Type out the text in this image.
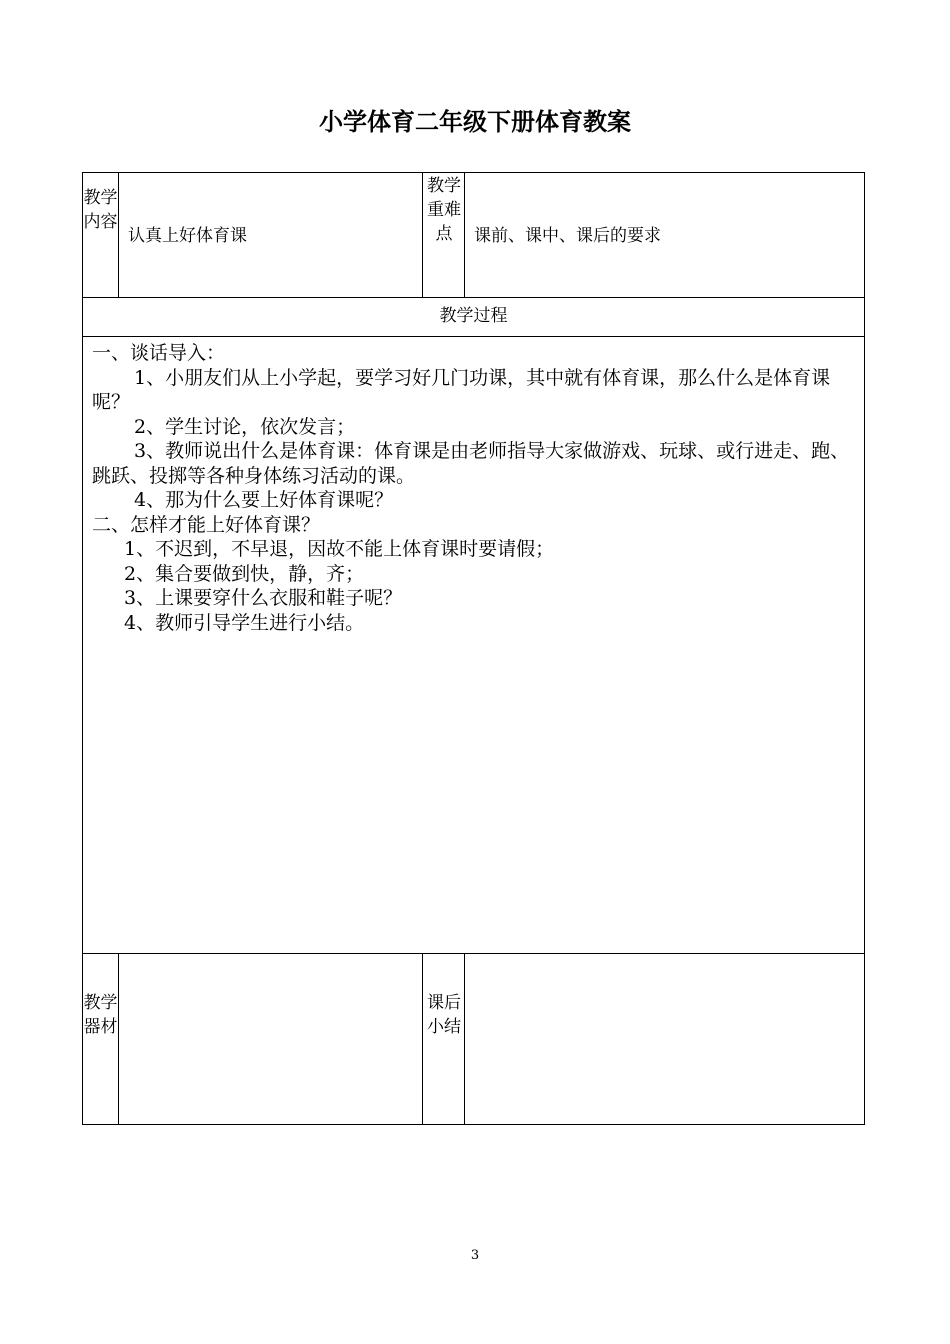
小学体育二年级下册体育教案
教学内容
认真上好体育课
教学重难点	课前、课中、课后的要求
教学过程

一、谈话导入：

1、小朋友们从上小学起，要学习好几门功课，其中就有体育课，那么什么是体育课呢？

2、学生讨论，依次发言；

3、教师说出什么是体育课：体育课是由老师指导大家做游戏、玩球、或行进走、跑、跳跃、投掷等各种身体练习活动的课。

4、那为什么要上好体育课呢？

二、怎样才能上好体育课？

1、不迟到，不早退，因故不能上体育课时要请假；

2、集合要做到快，静，齐；

3、上课要穿什么衣服和鞋子呢？

4、教师引导学生进行小结。

教学器材
课后小结
3
